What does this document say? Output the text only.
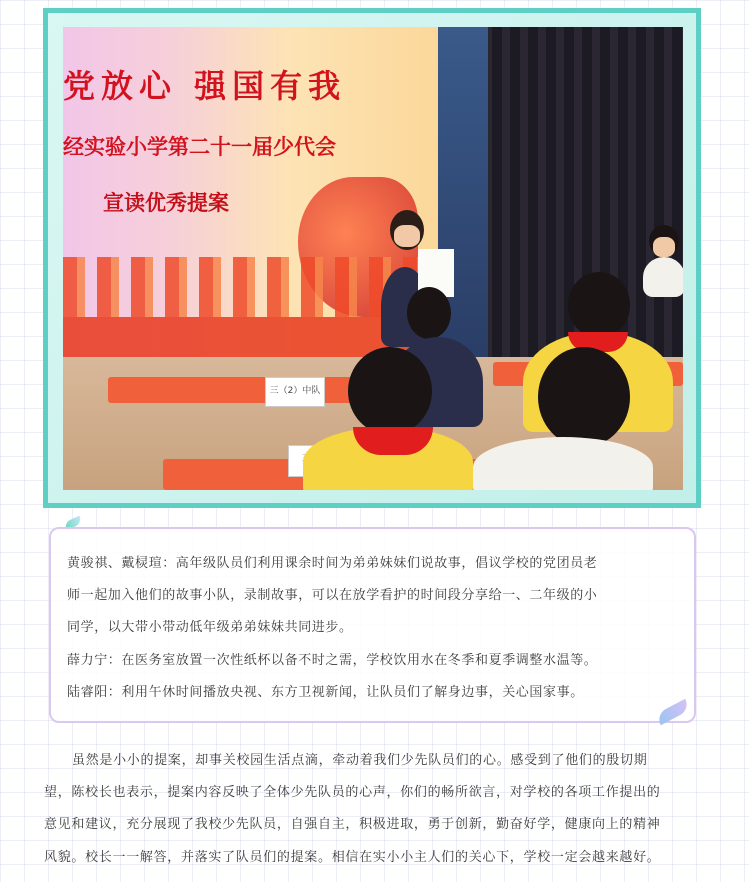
党放心 强国有我
经实验小学第二十一届少代会
宣读优秀提案
三（2）中队

黄骏祺、戴棂瑄：高年级队员们利用课余时间为弟弟妹妹们说故事，倡议学校的党团员老

师一起加入他们的故事小队，录制故事，可以在放学看护的时间段分享给一、二年级的小

同学，以大带小带动低年级弟弟妹妹共同进步。

薛力宁：在医务室放置一次性纸杯以备不时之需，学校饮用水在冬季和夏季调整水温等。

陆睿阳：利用午休时间播放央视、东方卫视新闻，让队员们了解身边事，关心国家事。

虽然是小小的提案，却事关校园生活点滴，牵动着我们少先队员们的心。感受到了他们的殷切期

望，陈校长也表示，提案内容反映了全体少先队员的心声，你们的畅所欲言，对学校的各项工作提出的

意见和建议，充分展现了我校少先队员，自强自主，积极进取，勇于创新，勤奋好学，健康向上的精神

风貌。校长一一解答，并落实了队员们的提案。相信在实小小主人们的关心下，学校一定会越来越好。
